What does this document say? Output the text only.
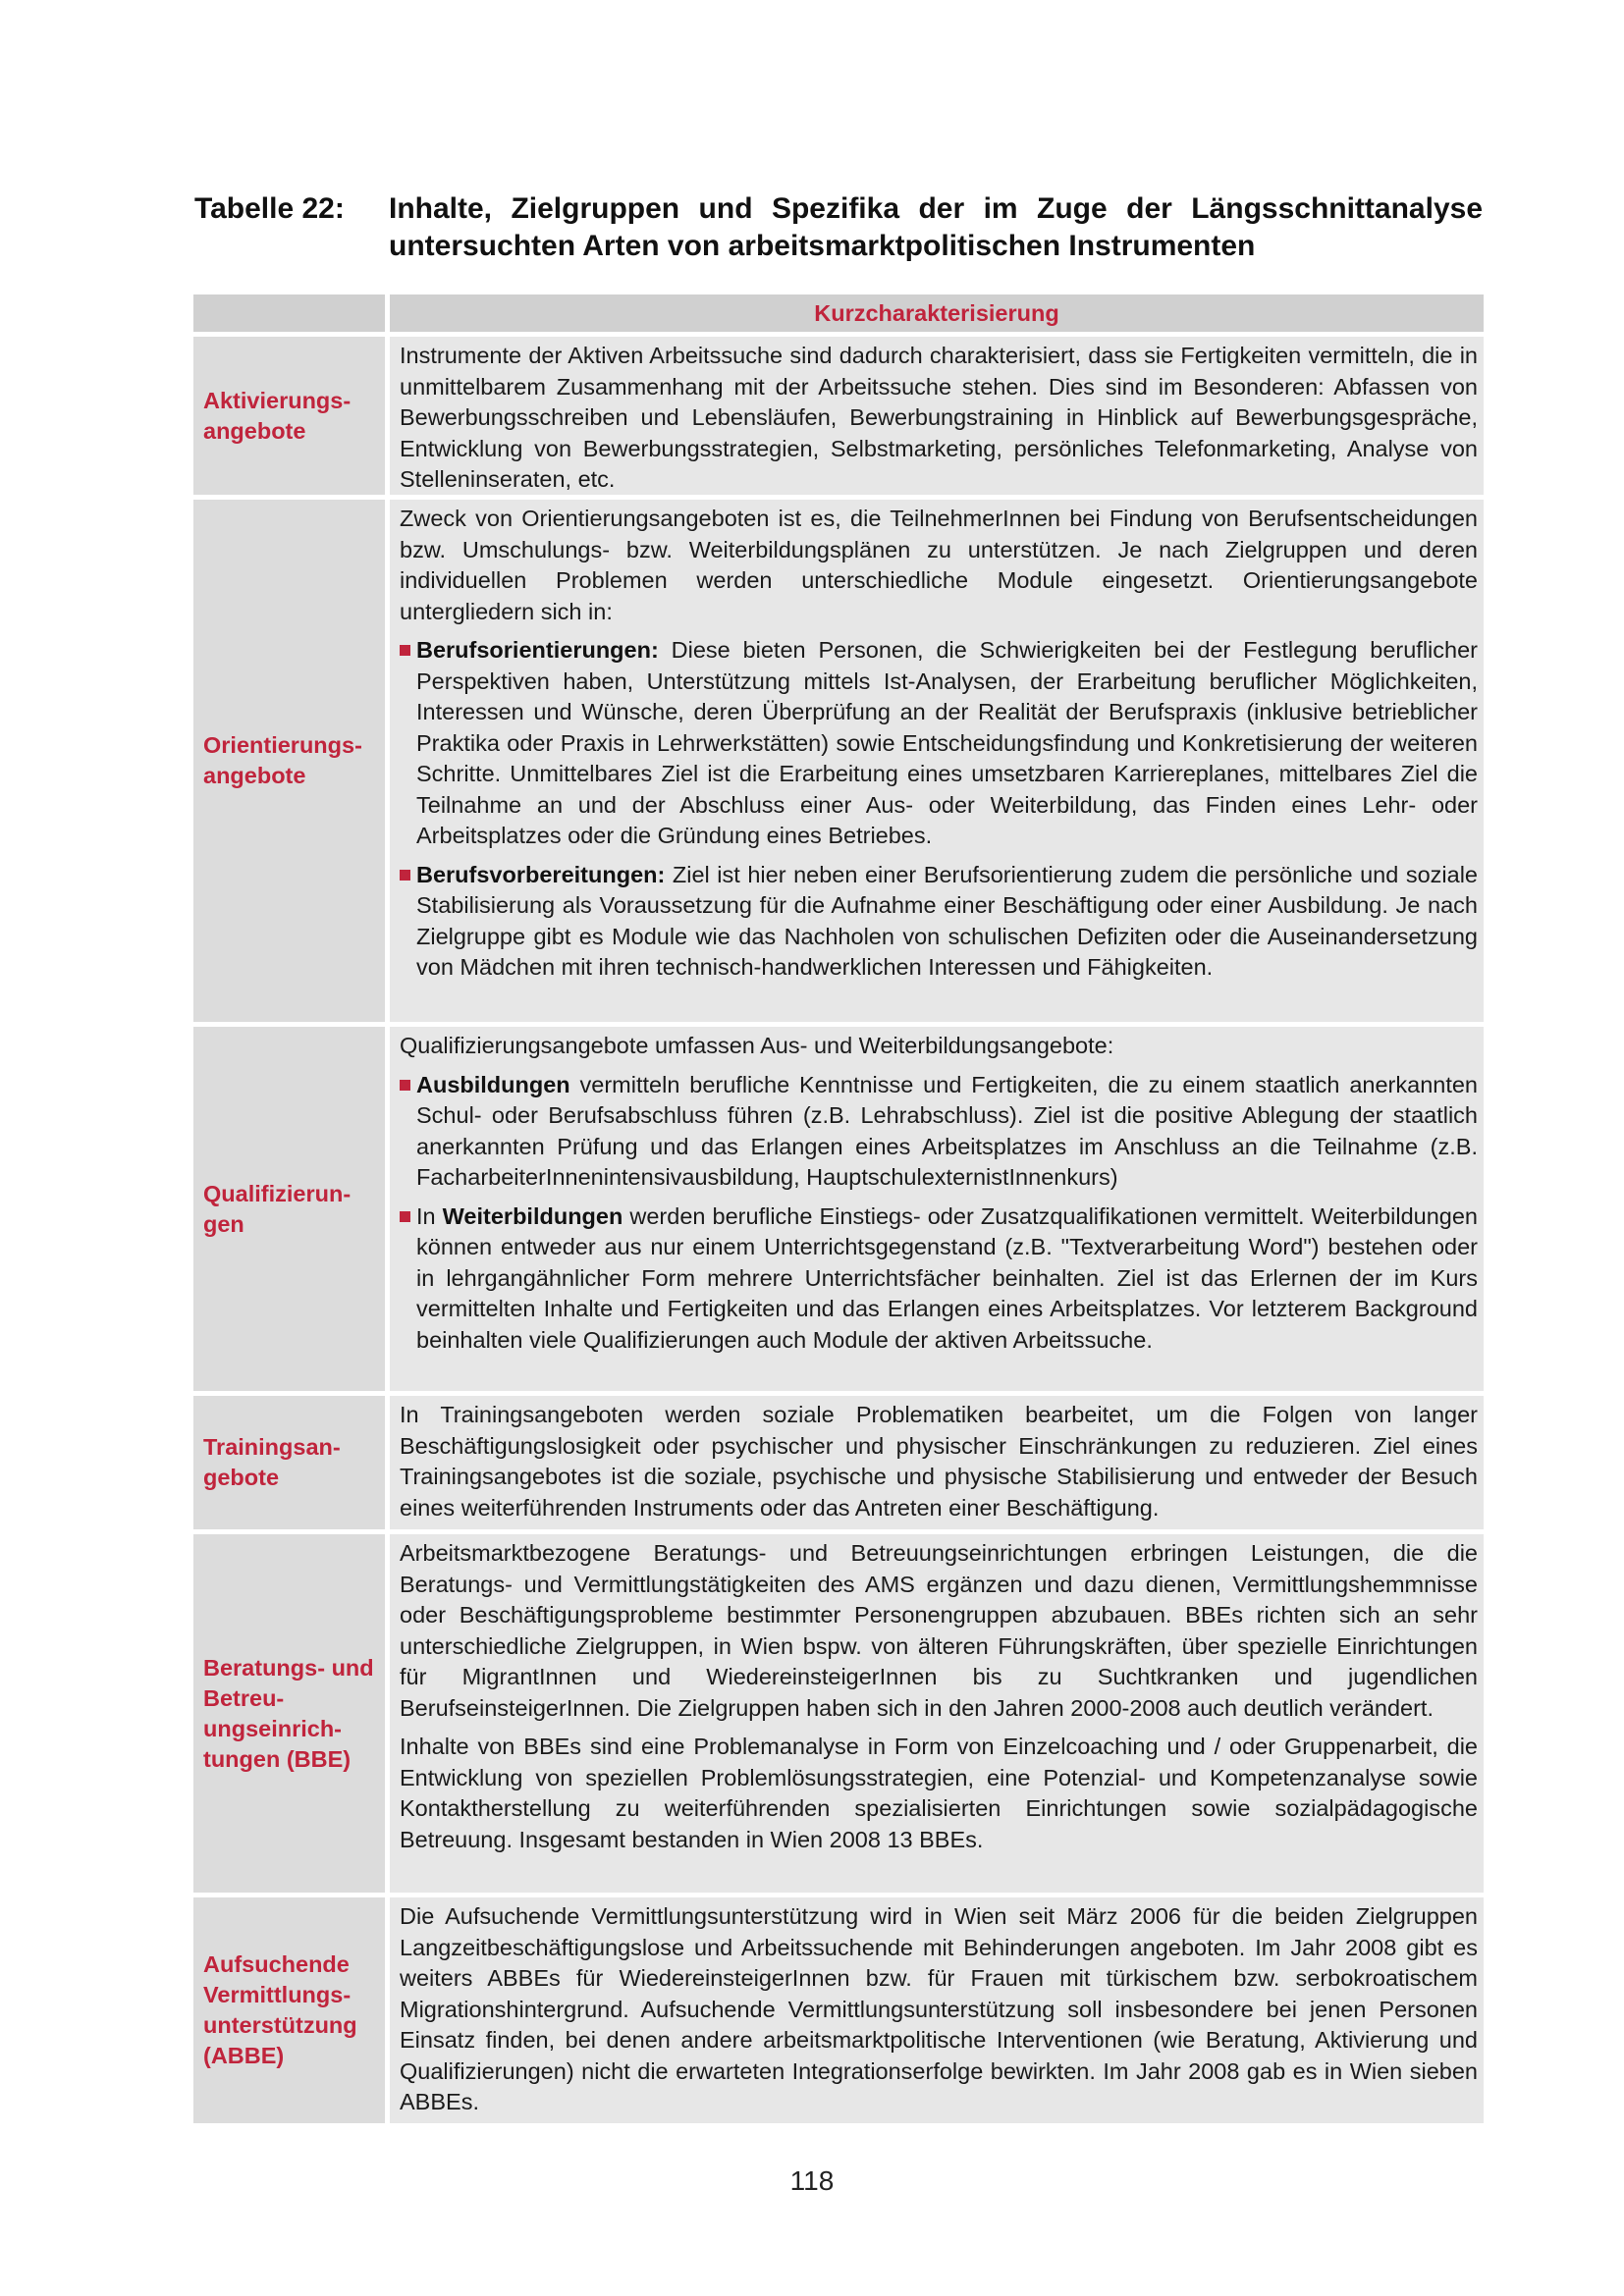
Tabelle 22:	Inhalte, Zielgruppen und Spezifika der im Zuge der Längsschnittanalyse untersuchten Arten von arbeitsmarktpolitischen Instrumenten
Kurzcharakterisierung
Aktivierungs-angebote

Instrumente der Aktiven Arbeitssuche sind dadurch charakterisiert, dass sie Fertigkeiten vermitteln, die in unmittelbarem Zusammenhang mit der Arbeitssuche stehen. Dies sind im Besonderen: Abfassen von Bewerbungsschreiben und Lebensläufen, Bewerbungstraining in Hinblick auf Bewerbungsgespräche, Entwicklung von Bewerbungsstrategien, Selbstmarketing, persönliches Telefonmarketing, Analyse von Stelleninseraten, etc.

Orientierungs-angebote

Zweck von Orientierungsangeboten ist es, die TeilnehmerInnen bei Findung von Berufsentscheidungen bzw. Umschulungs- bzw. Weiterbildungsplänen zu unterstützen. Je nach Zielgruppen und deren individuellen Problemen werden unterschiedliche Module eingesetzt. Orientierungsangebote untergliedern sich in:

Berufsorientierungen: Diese bieten Personen, die Schwierigkeiten bei der Festlegung beruflicher Perspektiven haben, Unterstützung mittels Ist-Analysen, der Erarbeitung beruflicher Möglichkeiten, Interessen und Wünsche, deren Überprüfung an der Realität der Berufspraxis (inklusive betrieblicher Praktika oder Praxis in Lehrwerkstätten) sowie Entscheidungsfindung und Konkretisierung der weiteren Schritte. Unmittelbares Ziel ist die Erarbeitung eines umsetzbaren Karriereplanes, mittelbares Ziel die Teilnahme an und der Abschluss einer Aus- oder Weiterbildung, das Finden eines Lehr- oder Arbeitsplatzes oder die Gründung eines Betriebes.
Berufsvorbereitungen: Ziel ist hier neben einer Berufsorientierung zudem die persönliche und soziale Stabilisierung als Voraussetzung für die Aufnahme einer Beschäftigung oder einer Ausbildung. Je nach Zielgruppe gibt es Module wie das Nachholen von schulischen Defiziten oder die Auseinandersetzung von Mädchen mit ihren technisch-handwerklichen Interessen und Fähigkeiten.
Qualifizierun-gen

Qualifizierungsangebote umfassen Aus- und Weiterbildungsangebote:

Ausbildungen vermitteln berufliche Kenntnisse und Fertigkeiten, die zu einem staatlich anerkannten Schul- oder Berufsabschluss führen (z.B. Lehrabschluss). Ziel ist die positive Ablegung der staatlich anerkannten Prüfung und das Erlangen eines Arbeitsplatzes im Anschluss an die Teilnahme (z.B. FacharbeiterInnenintensivausbildung, HauptschulexternistInnenkurs)
In Weiterbildungen werden berufliche Einstiegs- oder Zusatzqualifikationen vermittelt. Weiterbildungen können entweder aus nur einem Unterrichtsgegenstand (z.B. "Textverarbeitung Word") bestehen oder in lehrgangähnlicher Form mehrere Unterrichtsfächer beinhalten. Ziel ist das Erlernen der im Kurs vermittelten Inhalte und Fertigkeiten und das Erlangen eines Arbeitsplatzes. Vor letzterem Background beinhalten viele Qualifizierungen auch Module der aktiven Arbeitssuche.
Trainingsan-gebote

In Trainingsangeboten werden soziale Problematiken bearbeitet, um die Folgen von langer Beschäftigungslosigkeit oder psychischer und physischer Einschränkungen zu reduzieren. Ziel eines Trainingsangebotes ist die soziale, psychische und physische Stabilisierung und entweder der Besuch eines weiterführenden Instruments oder das Antreten einer Beschäftigung.

Beratungs- und Betreu-ungseinrich-tungen (BBE)

Arbeitsmarktbezogene Beratungs- und Betreuungseinrichtungen erbringen Leistungen, die die Beratungs- und Vermittlungstätigkeiten des AMS ergänzen und dazu dienen, Vermittlungshemmnisse oder Beschäftigungsprobleme bestimmter Personengruppen abzubauen. BBEs richten sich an sehr unterschiedliche Zielgruppen, in Wien bspw. von älteren Führungskräften, über spezielle Einrichtungen für MigrantInnen und WiedereinsteigerInnen bis zu Suchtkranken und jugendlichen BerufseinsteigerInnen. Die Zielgruppen haben sich in den Jahren 2000-2008 auch deutlich verändert.

Inhalte von BBEs sind eine Problemanalyse in Form von Einzelcoaching und / oder Gruppenarbeit, die Entwicklung von speziellen Problemlösungsstrategien, eine Potenzial- und Kompetenzanalyse sowie Kontaktherstellung zu weiterführenden spezialisierten Einrichtungen sowie sozialpädagogische Betreuung. Insgesamt bestanden in Wien 2008 13 BBEs.

Aufsuchende Vermittlungs-unterstützung (ABBE)

Die Aufsuchende Vermittlungsunterstützung wird in Wien seit März 2006 für die beiden Zielgruppen Langzeitbeschäftigungslose und Arbeitssuchende mit Behinderungen angeboten. Im Jahr 2008 gibt es weiters ABBEs für WiedereinsteigerInnen bzw. für Frauen mit türkischem bzw. serbokroatischem Migrationshintergrund. Aufsuchende Vermittlungsunterstützung soll insbesondere bei jenen Personen Einsatz finden, bei denen andere arbeitsmarktpolitische Interventionen (wie Beratung, Aktivierung und Qualifizierungen) nicht die erwarteten Integrationserfolge bewirkten. Im Jahr 2008 gab es in Wien sieben ABBEs.

118
